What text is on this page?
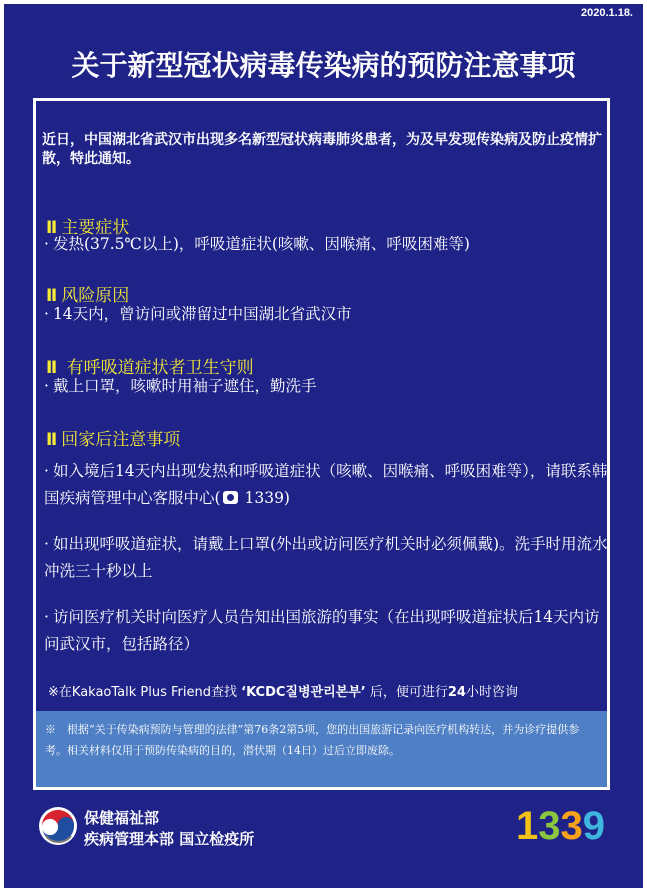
2020.1.18.
关于新型冠状病毒传染病的预防注意事项
近日，中国湖北省武汉市出现多名新型冠状病毒肺炎患者，为及早发现传染病及防止疫情扩散，特此通知。
Ⅱ 主要症状
· 发热(37.5℃以上)，呼吸道症状(咳嗽、因喉痛、呼吸困难等)
Ⅱ 风险原因
· 14天内，曾访问或滞留过中国湖北省武汉市
Ⅱ 有呼吸道症状者卫生守则
· 戴上口罩，咳嗽时用袖子遮住，勤洗手
Ⅱ 回家后注意事项
· 如入境后14天内出现发热和呼吸道症状（咳嗽、因喉痛、呼吸困难等），请联系韩国疾病管理中心客服中心( 1339)
· 如出现呼吸道症状，请戴上口罩(外出或访问医疗机关时必须佩戴)。洗手时用流水冲洗三十秒以上
· 访问医疗机关时向医疗人员告知出国旅游的事实（在出现呼吸道症状后14天内访问武汉市，包括路径）
※在KakaoTalk Plus Friend查找 ‘KCDC질병관리본부’ 后，便可进行24小时咨询
※　根据“关于传染病预防与管理的法律”第76条2第5项，您的出国旅游记录向医疗机构转达，并为诊疗提供参考。相关材料仅用于预防传染病的目的，潜伏期（14日）过后立即废除。
保健福祉部
疾病管理本部 国立检疫所	1339
